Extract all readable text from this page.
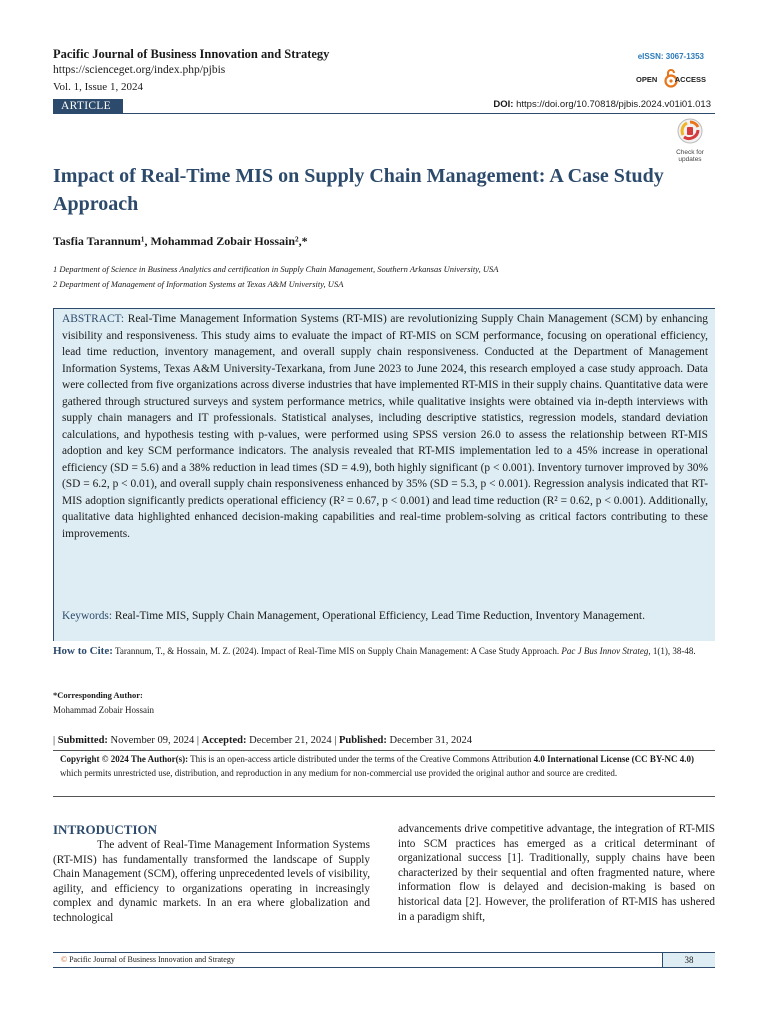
Pacific Journal of Business Innovation and Strategy
https://scienceget.org/index.php/pjbis
Vol. 1, Issue 1, 2024
eISSN: 3067-1353
OPEN ACCESS
ARTICLE	DOI: https://doi.org/10.70818/pjbis.2024.v01i01.013
Check for
updates
Impact of Real-Time MIS on Supply Chain Management: A Case Study Approach
Tasfia Tarannum¹, Mohammad Zobair Hossain²,*
1 Department of Science in Business Analytics and certification in Supply Chain Management, Southern Arkansas University, USA
2 Department of Management of Information Systems at Texas A&M University, USA
ABSTRACT: Real-Time Management Information Systems (RT-MIS) are revolutionizing Supply Chain Management (SCM) by enhancing visibility and responsiveness. This study aims to evaluate the impact of RT-MIS on SCM performance, focusing on operational efficiency, lead time reduction, inventory management, and overall supply chain responsiveness. Conducted at the Department of Management Information Systems, Texas A&M University-Texarkana, from June 2023 to June 2024, this research employed a case study approach. Data were collected from five organizations across diverse industries that have implemented RT-MIS in their supply chains. Quantitative data were gathered through structured surveys and system performance metrics, while qualitative insights were obtained via in-depth interviews with supply chain managers and IT professionals. Statistical analyses, including descriptive statistics, regression models, standard deviation calculations, and hypothesis testing with p-values, were performed using SPSS version 26.0 to assess the relationship between RT-MIS adoption and key SCM performance indicators. The analysis revealed that RT-MIS implementation led to a 45% increase in operational efficiency (SD = 5.6) and a 38% reduction in lead times (SD = 4.9), both highly significant (p < 0.001). Inventory turnover improved by 30% (SD = 6.2, p < 0.01), and overall supply chain responsiveness enhanced by 35% (SD = 5.3, p < 0.001). Regression analysis indicated that RT-MIS adoption significantly predicts operational efficiency (R² = 0.67, p < 0.001) and lead time reduction (R² = 0.62, p < 0.001). Additionally, qualitative data highlighted enhanced decision-making capabilities and real-time problem-solving as critical factors contributing to these improvements.
Keywords: Real-Time MIS, Supply Chain Management, Operational Efficiency, Lead Time Reduction, Inventory Management.
How to Cite: Tarannum, T., & Hossain, M. Z. (2024). Impact of Real-Time MIS on Supply Chain Management: A Case Study Approach. Pac J Bus Innov Strateg, 1(1), 38-48.
*Corresponding Author:
Mohammad Zobair Hossain
| Submitted: November 09, 2024 | Accepted: December 21, 2024 | Published: December 31, 2024
Copyright © 2024 The Author(s): This is an open-access article distributed under the terms of the Creative Commons Attribution 4.0 International License (CC BY-NC 4.0) which permits unrestricted use, distribution, and reproduction in any medium for non-commercial use provided the original author and source are credited.
INTRODUCTION
The advent of Real-Time Management Information Systems (RT-MIS) has fundamentally transformed the landscape of Supply Chain Management (SCM), offering unprecedented levels of visibility, agility, and efficiency to organizations operating in increasingly complex and dynamic markets. In an era where globalization and technological
advancements drive competitive advantage, the integration of RT-MIS into SCM practices has emerged as a critical determinant of organizational success [1]. Traditionally, supply chains have been characterized by their sequential and often fragmented nature, where information flow is delayed and decision-making is based on historical data [2]. However, the proliferation of RT-MIS has ushered in a paradigm shift,
© Pacific Journal of Business Innovation and Strategy	38
